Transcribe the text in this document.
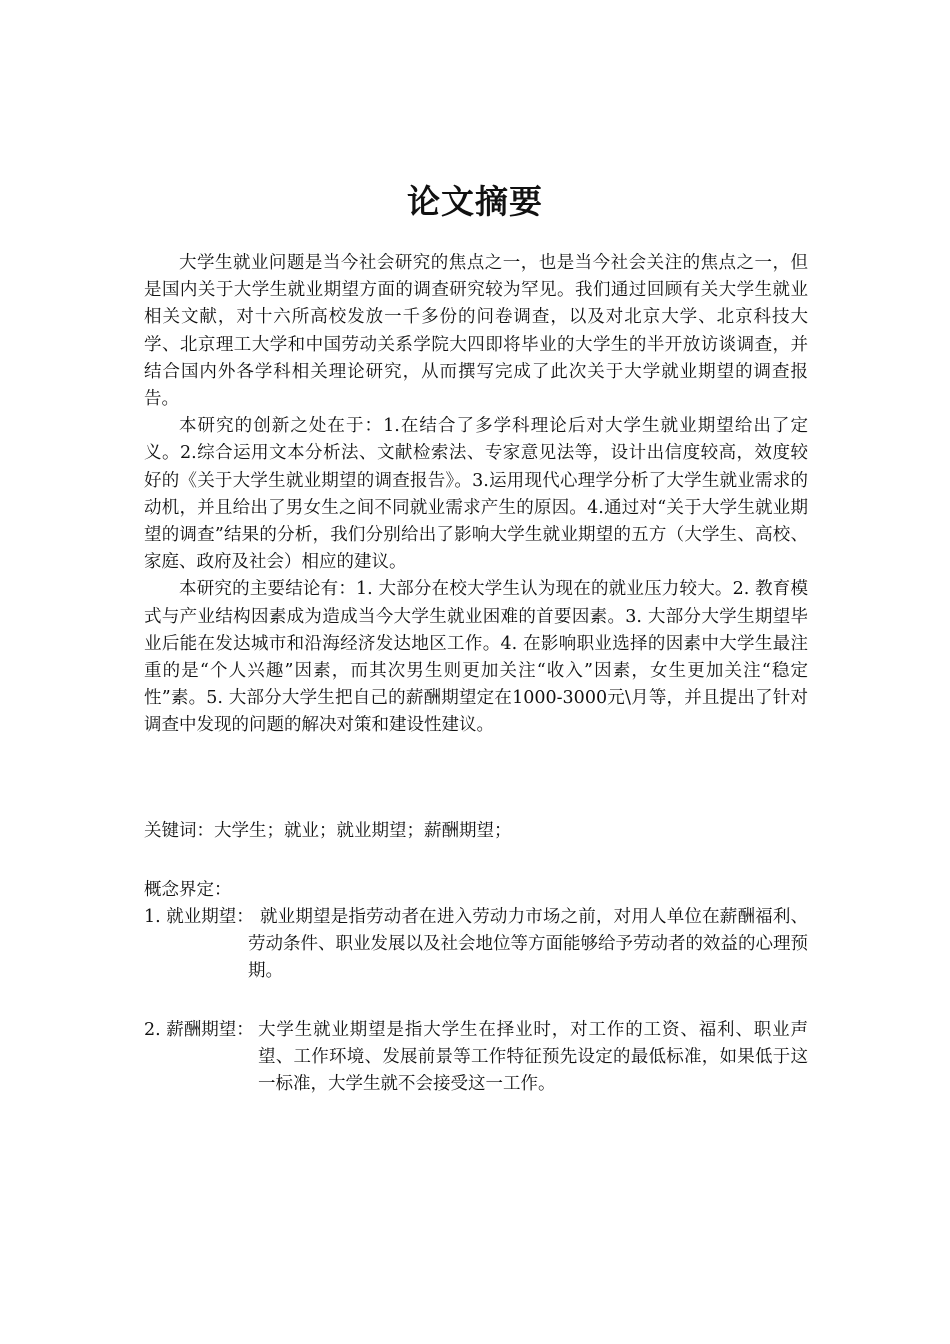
论文摘要

大学生就业问题是当今社会研究的焦点之一，也是当今社会关注的焦点之一，但是国内关于大学生就业期望方面的调查研究较为罕见。我们通过回顾有关大学生就业相关文献，对十六所高校发放一千多份的问卷调查，以及对北京大学、北京科技大学、北京理工大学和中国劳动关系学院大四即将毕业的大学生的半开放访谈调查，并结合国内外各学科相关理论研究，从而撰写完成了此次关于大学就业期望的调查报告。

本研究的创新之处在于：1.在结合了多学科理论后对大学生就业期望给出了定义。2.综合运用文本分析法、文献检索法、专家意见法等，设计出信度较高，效度较好的《关于大学生就业期望的调查报告》。3.运用现代心理学分析了大学生就业需求的动机，并且给出了男女生之间不同就业需求产生的原因。4.通过对“关于大学生就业期望的调查”结果的分析，我们分别给出了影响大学生就业期望的五方（大学生、高校、家庭、政府及社会）相应的建议。

本研究的主要结论有：1. 大部分在校大学生认为现在的就业压力较大。2. 教育模式与产业结构因素成为造成当今大学生就业困难的首要因素。3. 大部分大学生期望毕业后能在发达城市和沿海经济发达地区工作。4. 在影响职业选择的因素中大学生最注重的是“个人兴趣”因素，而其次男生则更加关注“收入”因素，女生更加关注“稳定性”素。5. 大部分大学生把自己的薪酬期望定在1000-3000元\月等，并且提出了针对调查中发现的问题的解决对策和建设性建议。

关键词：大学生；就业；就业期望；薪酬期望；
概念界定：
1. 就业期望： 就业期望是指劳动者在进入劳动力市场之前，对用人单位在薪酬福利、劳动条件、职业发展以及社会地位等方面能够给予劳动者的效益的心理预期。
2. 薪酬期望： 大学生就业期望是指大学生在择业时，对工作的工资、福利、职业声望、工作环境、发展前景等工作特征预先设定的最低标准，如果低于这一标准，大学生就不会接受这一工作。
